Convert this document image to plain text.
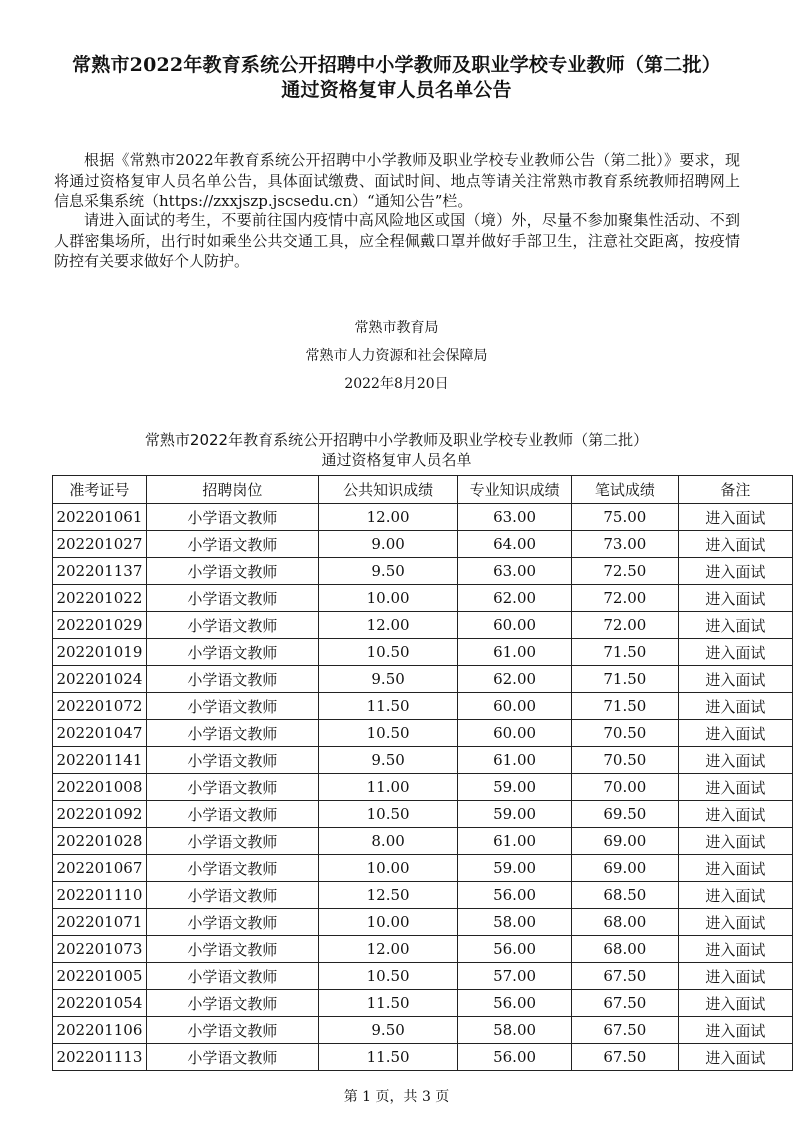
常熟市2022年教育系统公开招聘中小学教师及职业学校专业教师（第二批）
通过资格复审人员名单公告

根据《常熟市2022年教育系统公开招聘中小学教师及职业学校专业教师公告（第二批）》要求，现将通过资格复审人员名单公告，具体面试缴费、面试时间、地点等请关注常熟市教育系统教师招聘网上信息采集系统（https://zxxjszp.jscsedu.cn）“通知公告”栏。

请进入面试的考生，不要前往国内疫情中高风险地区或国（境）外，尽量不参加聚集性活动、不到人群密集场所，出行时如乘坐公共交通工具，应全程佩戴口罩并做好手部卫生，注意社交距离，按疫情防控有关要求做好个人防护。

常熟市教育局
常熟市人力资源和社会保障局
2022年8月20日
常熟市2022年教育系统公开招聘中小学教师及职业学校专业教师（第二批）
通过资格复审人员名单
准考证号	招聘岗位	公共知识成绩	专业知识成绩	笔试成绩	备注
202201061	小学语文教师	12.00	63.00	75.00	进入面试
202201027	小学语文教师	9.00	64.00	73.00	进入面试
202201137	小学语文教师	9.50	63.00	72.50	进入面试
202201022	小学语文教师	10.00	62.00	72.00	进入面试
202201029	小学语文教师	12.00	60.00	72.00	进入面试
202201019	小学语文教师	10.50	61.00	71.50	进入面试
202201024	小学语文教师	9.50	62.00	71.50	进入面试
202201072	小学语文教师	11.50	60.00	71.50	进入面试
202201047	小学语文教师	10.50	60.00	70.50	进入面试
202201141	小学语文教师	9.50	61.00	70.50	进入面试
202201008	小学语文教师	11.00	59.00	70.00	进入面试
202201092	小学语文教师	10.50	59.00	69.50	进入面试
202201028	小学语文教师	8.00	61.00	69.00	进入面试
202201067	小学语文教师	10.00	59.00	69.00	进入面试
202201110	小学语文教师	12.50	56.00	68.50	进入面试
202201071	小学语文教师	10.00	58.00	68.00	进入面试
202201073	小学语文教师	12.00	56.00	68.00	进入面试
202201005	小学语文教师	10.50	57.00	67.50	进入面试
202201054	小学语文教师	11.50	56.00	67.50	进入面试
202201106	小学语文教师	9.50	58.00	67.50	进入面试
202201113	小学语文教师	11.50	56.00	67.50	进入面试
第 1 页，共 3 页
